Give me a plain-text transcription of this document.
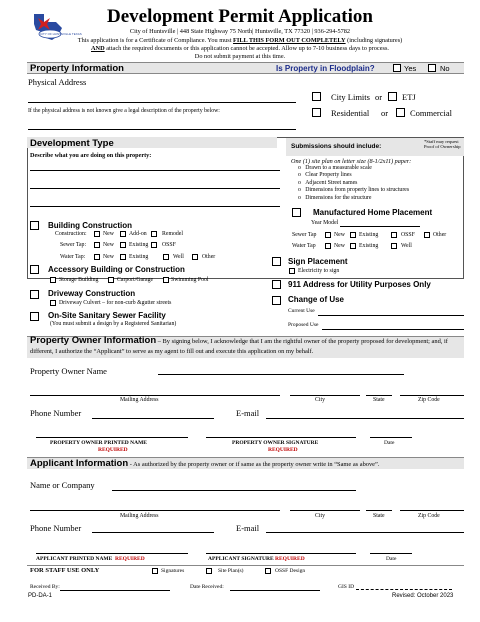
CITY OF HUNTSVILLE TEXAS
Development Permit Application
City of Huntsville | 448 State Highway 75 North| Huntsville, TX 77320 | 936-294-5782
This application is for a Certificate of Compliance. You must FILL THIS FORM OUT COMPLETELY (including signatures)
AND attach the required documents or this application cannot be accepted. Allow up to 7-10 business days to process.
Do not submit payment at this time.
Property Information	Is Property in Floodplain?	Yes	No
Physical Address
If the physical address is not known give a legal description of the property below:
City Limits or ETJ
Residential or	Commercial
Development Type
Describe what you are doing on this property:
Submissions should include:
*Staff may request Proof of Ownership
One (1) site plan on letter size (8-1/2x11) paper:
o   Drawn to a measurable scale
o   Clear Property lines
o   Adjacent Street names
o   Dimensions from property lines to structures
o   Dimensions for the structure
Building Construction
Construction:	New	Add-on	Remodel
Sewer Tap:	New	Existing OSSF
Water Tap:	New	Existing	Well	Other
Accessory Building or Construction
Storage Building	Carport/Garage	Swimming Pool
Driveway Construction
Driveway Culvert – for non-curb &gutter streets
On-Site Sanitary Sewer Facility
(You must submit a design by a Registered Sanitarian)
Manufactured Home Placement
Year Model
Sewer Tap	New Existing	OSSF	Other
Water Tap	New Existing	Well
Sign Placement
Electricity to sign
911 Address for Utility Purposes Only
Change of Use
Current Use
Proposed Use
Property Owner Information – By signing below, I acknowledge that I am the rightful owner of the property proposed for development; and, if different, I authorize the “Applicant” to serve as my agent to fill out and execute this application on my behalf.
Property Owner Name
Mailing Address	City	State	Zip Code
Phone Number	E-mail
PROPERTY OWNER PRINTED NAME	PROPERTY OWNER SIGNATURE	Date
REQUIRED	REQUIRED
Applicant Information - As authorized by the property owner or if same as the property owner write in “Same as above”.
Name or Company
Mailing Address	City	State	Zip Code
Phone Number	E-mail
APPLICANT PRINTED NAME REQUIRED	APPLICANT SIGNATURE REQUIRED	Date
FOR STAFF USE ONLY	Signatures	Site Plan(s)	OSSF Design
Received By:	Date Received:	GIS ID
PD-DA-1	Revised: October 2023
